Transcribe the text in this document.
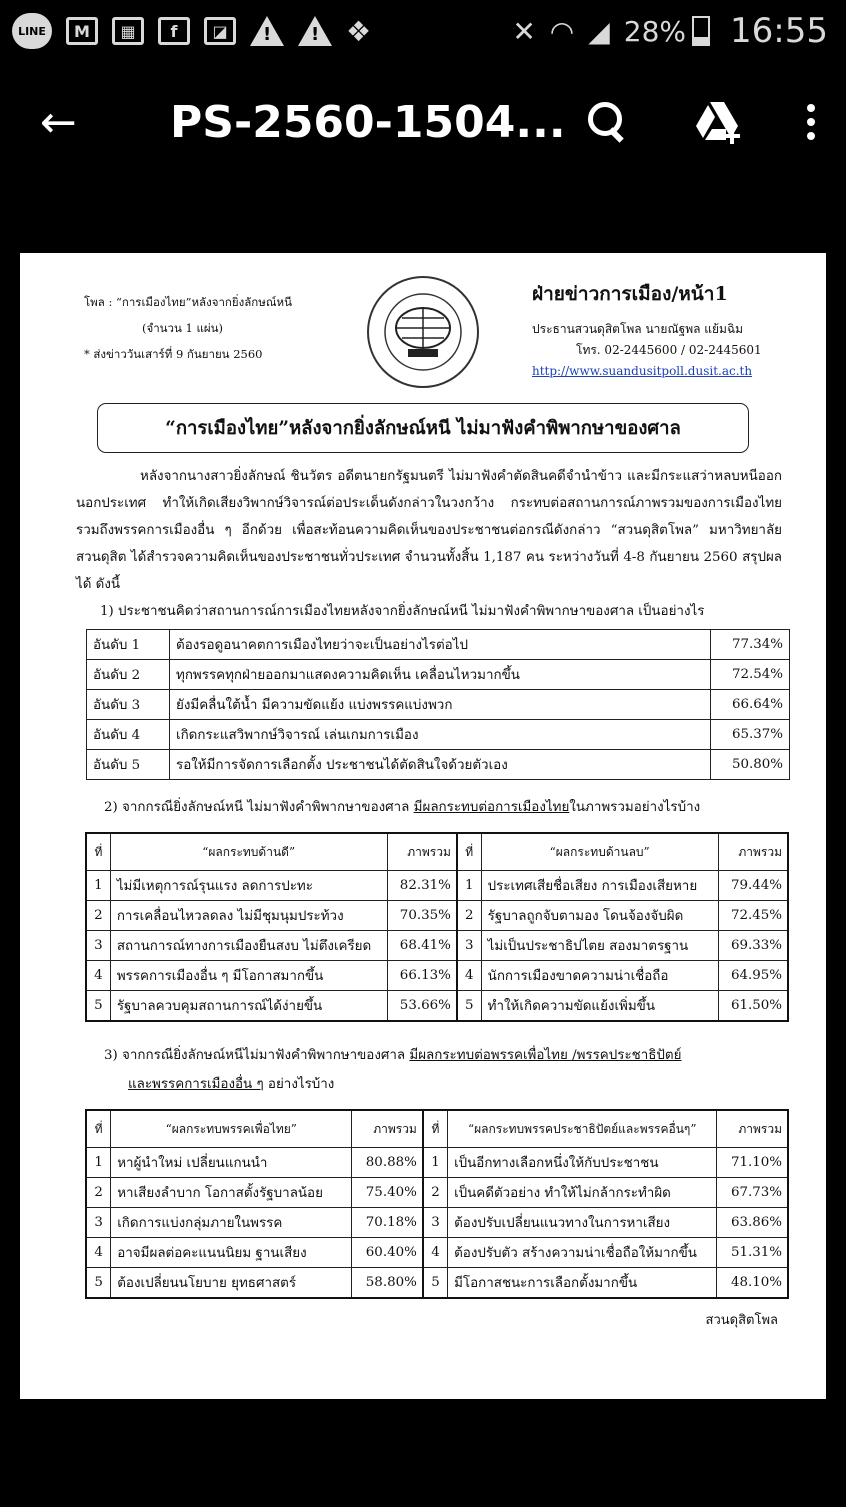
LINE	M	▦	f	◪	! ! ❖	✕ ◠ ◢ 28% 16:55
←	PS-2560-1504...
โพล : “การเมืองไทย”หลังจากยิ่งลักษณ์หนี
(จำนวน 1 แผ่น)
* ส่งข่าววันเสาร์ที่ 9 กันยายน 2560
ฝ่ายข่าวการเมือง/หน้า1
ประธานสวนดุสิตโพล นายณัฐพล แย้มฉิม
โทร. 02-2445600 / 02-2445601
http://www.suandusitpoll.dusit.ac.th
“การเมืองไทย”หลังจากยิ่งลักษณ์หนี ไม่มาฟังคำพิพากษาของศาล
หลังจากนางสาวยิ่งลักษณ์ ชินวัตร อดีตนายกรัฐมนตรี ไม่มาฟังคำตัดสินคดีจำนำข้าว และมีกระแสว่าหลบหนีออกนอกประเทศ ทำให้เกิดเสียงวิพากษ์วิจารณ์ต่อประเด็นดังกล่าวในวงกว้าง กระทบต่อสถานการณ์ภาพรวมของการเมืองไทย รวมถึงพรรคการเมืองอื่น ๆ อีกด้วย เพื่อสะท้อนความคิดเห็นของประชาชนต่อกรณีดังกล่าว “สวนดุสิตโพล” มหาวิทยาลัยสวนดุสิต ได้สำรวจความคิดเห็นของประชาชนทั่วประเทศ จำนวนทั้งสิ้น 1,187 คน ระหว่างวันที่ 4-8 กันยายน 2560 สรุปผลได้ ดังนี้
1) ประชาชนคิดว่าสถานการณ์การเมืองไทยหลังจากยิ่งลักษณ์หนี ไม่มาฟังคำพิพากษาของศาล เป็นอย่างไร
อันดับ 1	ต้องรอดูอนาคตการเมืองไทยว่าจะเป็นอย่างไรต่อไป	77.34%
อันดับ 2	ทุกพรรคทุกฝ่ายออกมาแสดงความคิดเห็น เคลื่อนไหวมากขึ้น	72.54%
อันดับ 3	ยังมีคลื่นใต้น้ำ มีความขัดแย้ง แบ่งพรรคแบ่งพวก	66.64%
อันดับ 4	เกิดกระแสวิพากษ์วิจารณ์ เล่นเกมการเมือง	65.37%
อันดับ 5	รอให้มีการจัดการเลือกตั้ง ประชาชนได้ตัดสินใจด้วยตัวเอง	50.80%
2) จากกรณียิ่งลักษณ์หนี ไม่มาฟังคำพิพากษาของศาล มีผลกระทบต่อการเมืองไทยในภาพรวมอย่างไรบ้าง
ที่	“ผลกระทบด้านดี”	ภาพรวม	ที่	“ผลกระทบด้านลบ”	ภาพรวม
1	ไม่มีเหตุการณ์รุนแรง ลดการปะทะ	82.31%	1	ประเทศเสียชื่อเสียง การเมืองเสียหาย	79.44%
2	การเคลื่อนไหวลดลง ไม่มีชุมนุมประท้วง	70.35%	2	รัฐบาลถูกจับตามอง โดนจ้องจับผิด	72.45%
3	สถานการณ์ทางการเมืองยืนสงบ ไม่ตึงเครียด	68.41%	3	ไม่เป็นประชาธิปไตย สองมาตรฐาน	69.33%
4	พรรคการเมืองอื่น ๆ มีโอกาสมากขึ้น	66.13%	4	นักการเมืองขาดความน่าเชื่อถือ	64.95%
5	รัฐบาลควบคุมสถานการณ์ได้ง่ายขึ้น	53.66%	5	ทำให้เกิดความขัดแย้งเพิ่มขึ้น	61.50%
3) จากกรณียิ่งลักษณ์หนีไม่มาฟังคำพิพากษาของศาล มีผลกระทบต่อพรรคเพื่อไทย /พรรคประชาธิปัตย์
และพรรคการเมืองอื่น ๆ อย่างไรบ้าง
ที่	“ผลกระทบพรรคเพื่อไทย”	ภาพรวม	ที่	“ผลกระทบพรรคประชาธิปัตย์และพรรคอื่นๆ”	ภาพรวม
1	หาผู้นำใหม่ เปลี่ยนแกนนำ	80.88%	1	เป็นอีกทางเลือกหนึ่งให้กับประชาชน	71.10%
2	หาเสียงลำบาก โอกาสตั้งรัฐบาลน้อย	75.40%	2	เป็นคดีตัวอย่าง ทำให้ไม่กล้ากระทำผิด	67.73%
3	เกิดการแบ่งกลุ่มภายในพรรค	70.18%	3	ต้องปรับเปลี่ยนแนวทางในการหาเสียง	63.86%
4	อาจมีผลต่อคะแนนนิยม ฐานเสียง	60.40%	4	ต้องปรับตัว สร้างความน่าเชื่อถือให้มากขึ้น	51.31%
5	ต้องเปลี่ยนนโยบาย ยุทธศาสตร์	58.80%	5	มีโอกาสชนะการเลือกตั้งมากขึ้น	48.10%
สวนดุสิตโพล
